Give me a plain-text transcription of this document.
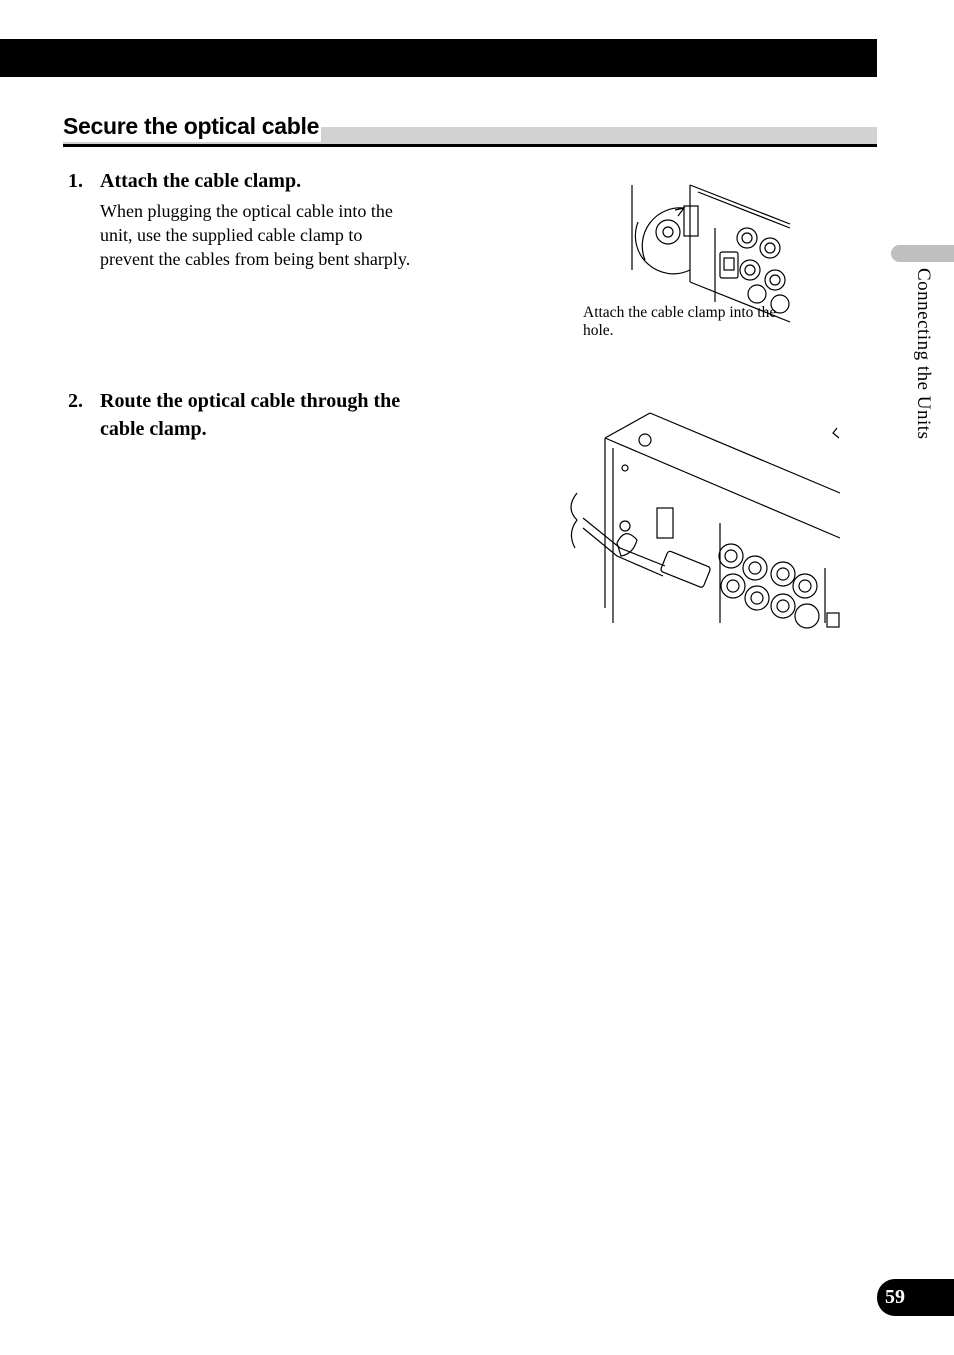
Secure the optical cable
1. Attach the cable clamp.
When plugging the optical cable into the unit, use the supplied cable clamp to prevent the cables from being bent sharply.
Attach the cable clamp into the hole.
2. Route the optical cable through the cable clamp.	Connecting the Units
59
